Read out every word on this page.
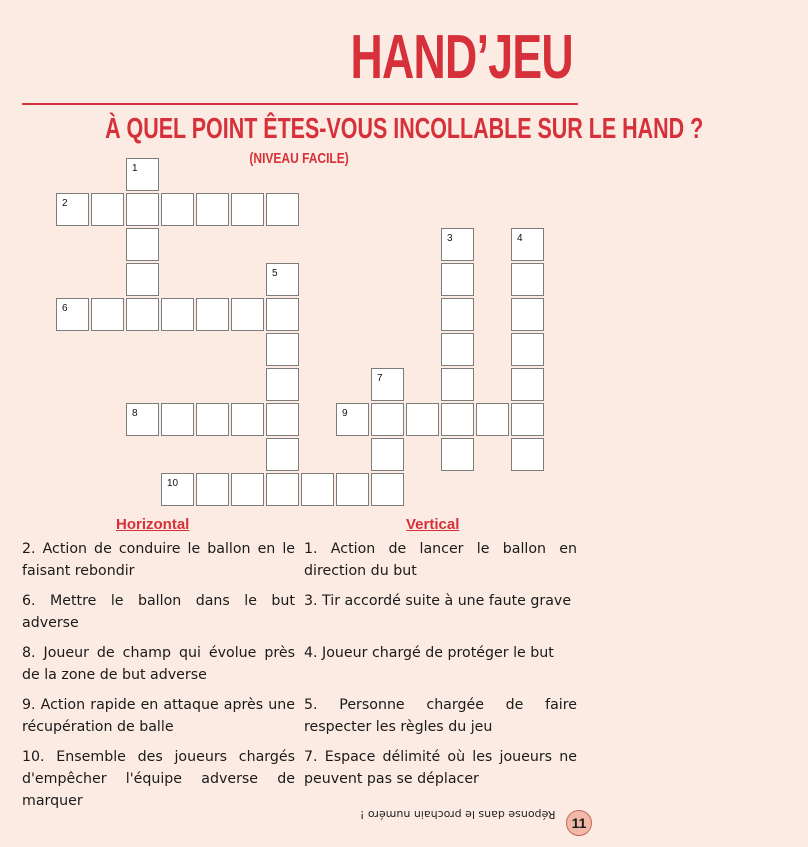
HAND’JEU
À QUEL POINT ÊTES-VOUS INCOLLABLE SUR LE HAND ?
(NIVEAU FACILE)
1
2
3	4
5
6
7
8	9
10
Horizontal	Vertical
2. Action de conduire le ballon en le faisant rebondir
6. Mettre le ballon dans le but adverse
8. Joueur de champ qui évolue près de la zone de but adverse
9. Action rapide en attaque après une récupération de balle
10. Ensemble des joueurs chargés d'empêcher l'équipe adverse de marquer
1. Action de lancer le ballon en direction du but
3. Tir accordé suite à une faute grave
4. Joueur chargé de protéger le but
5. Personne chargée de faire respecter les règles du jeu
7. Espace délimité où les joueurs ne peuvent pas se déplacer
Réponse dans le prochain numéro !
11
